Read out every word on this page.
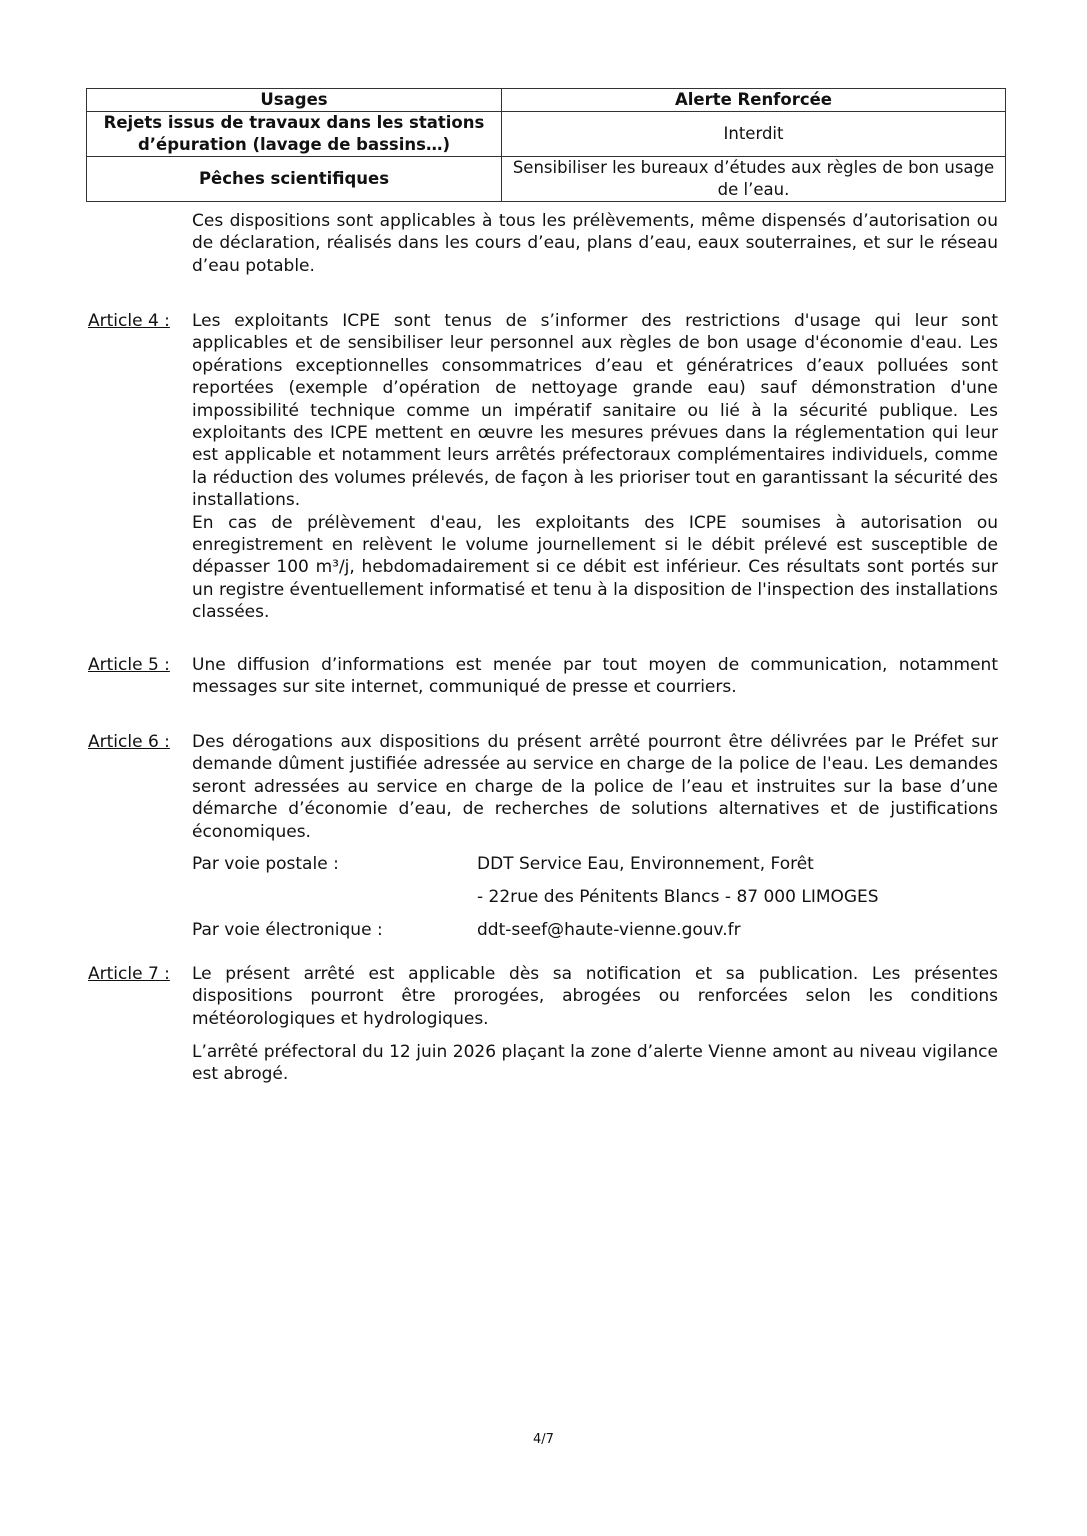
Usages	Alerte Renforcée
Rejets issus de travaux dans les stations d’épuration (lavage de bassins…)	Interdit
Pêches scientifiques	Sensibiliser les bureaux d’études aux règles de bon usage de l’eau.

Ces dispositions sont applicables à tous les prélèvements, même dispensés d’autorisation ou de déclaration, réalisés dans les cours d’eau, plans d’eau, eaux souterraines, et sur le réseau d’eau potable.

Article 4 : Les exploitants ICPE sont tenus de s’informer des restrictions d'usage qui leur sont applicables et de sensibiliser leur personnel aux règles de bon usage d'économie d'eau. Les opérations exceptionnelles consommatrices d’eau et génératrices d’eaux polluées sont reportées (exemple d’opération de nettoyage grande eau) sauf démonstration d'une impossibilité technique comme un impératif sanitaire ou lié à la sécurité publique. Les exploitants des ICPE mettent en œuvre les mesures prévues dans la réglementation qui leur est applicable et notamment leurs arrêtés préfectoraux complémentaires individuels, comme la réduction des volumes prélevés, de façon à les prioriser tout en garantissant la sécurité des installations.

En cas de prélèvement d'eau, les exploitants des ICPE soumises à autorisation ou enregistrement en relèvent le volume journellement si le débit prélevé est susceptible de dépasser 100 m³/j, hebdomadairement si ce débit est inférieur. Ces résultats sont portés sur un registre éventuellement informatisé et tenu à la disposition de l'inspection des installations classées.

Article 5 : Une diffusion d’informations est menée par tout moyen de communication, notamment messages sur site internet, communiqué de presse et courriers.

Article 6 : Des dérogations aux dispositions du présent arrêté pourront être délivrées par le Préfet sur demande dûment justifiée adressée au service en charge de la police de l'eau. Les demandes seront adressées au service en charge de la police de l’eau et instruites sur la base d’une démarche d’économie d’eau, de recherches de solutions alternatives et de justifications économiques.

Par voie postale :	DDT Service Eau, Environnement, Forêt
- 22rue des Pénitents Blancs - 87 000 LIMOGES
Par voie électronique :	ddt-seef@haute-vienne.gouv.fr
Article 7 : Le présent arrêté est applicable dès sa notification et sa publication. Les présentes dispositions pourront être prorogées, abrogées ou renforcées selon les conditions météorologiques et hydrologiques.

L’arrêté préfectoral du 12 juin 2026 plaçant la zone d’alerte Vienne amont au niveau vigilance est abrogé.

4/7
